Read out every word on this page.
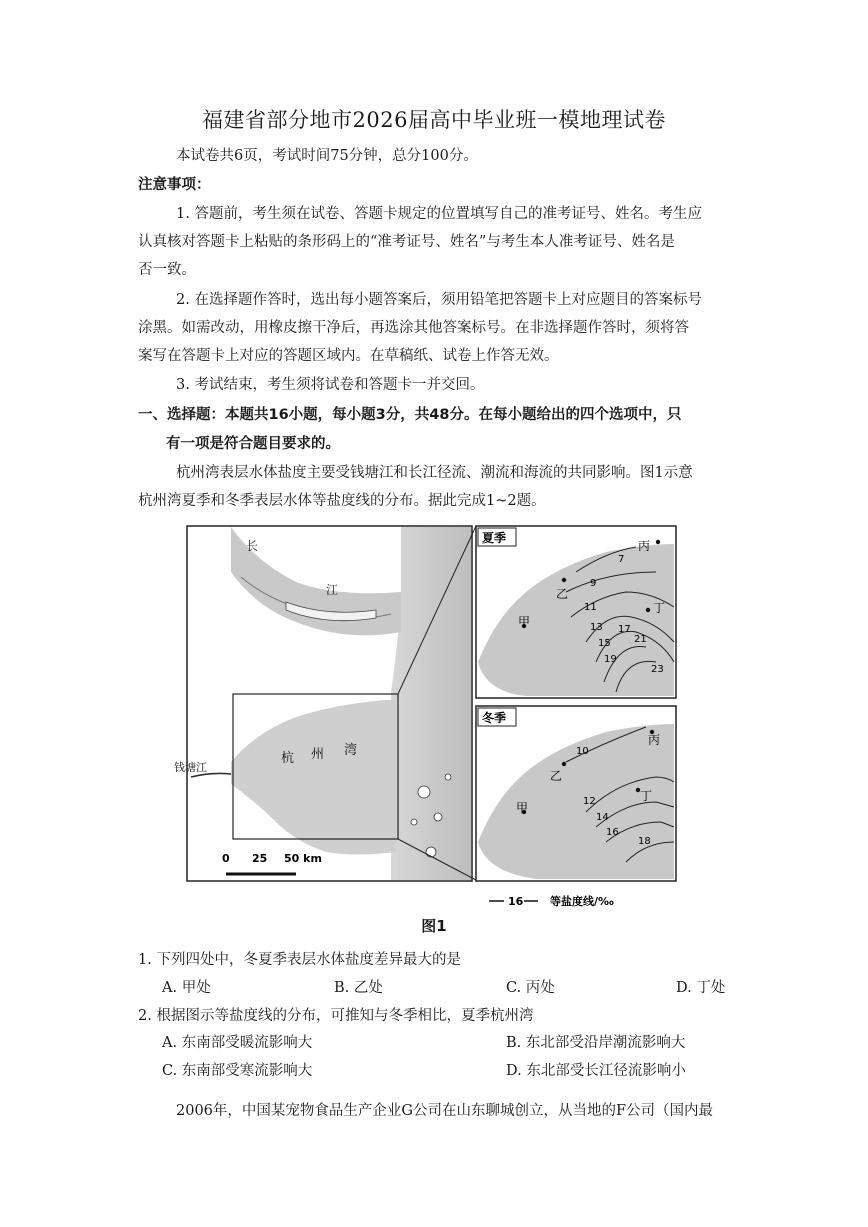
福建省部分地市2026届高中毕业班一模地理试卷
本试卷共6页，考试时间75分钟，总分100分。
注意事项：
1. 答题前，考生须在试卷、答题卡规定的位置填写自己的准考证号、姓名。考生应
认真核对答题卡上粘贴的条形码上的“准考证号、姓名”与考生本人准考证号、姓名是
否一致。
2. 在选择题作答时，选出每小题答案后，须用铅笔把答题卡上对应题目的答案标号
涂黑。如需改动，用橡皮擦干净后，再选涂其他答案标号。在非选择题作答时，须将答
案写在答题卡上对应的答题区域内。在草稿纸、试卷上作答无效。
3. 考试结束，考生须将试卷和答题卡一并交回。
一、选择题：本题共16小题，每小题3分，共48分。在每小题给出的四个选项中，只
有一项是符合题目要求的。
杭州湾表层水体盐度主要受钱塘江和长江径流、潮流和海流的共同影响。图1示意
杭州湾夏季和冬季表层水体等盐度线的分布。据此完成1~2题。
长
江
杭 州 湾
钱塘江
0 25 50 km
夏季
7
9
11
13
15
17
19
21
23
甲
乙
丙
丁
冬季
10
12
14
16
18
甲
乙
丙
丁
16 等盐度线/‰
图1
1. 下列四处中，冬夏季表层水体盐度差异最大的是
A. 甲处	B. 乙处	C. 丙处	D. 丁处
2. 根据图示等盐度线的分布，可推知与冬季相比，夏季杭州湾
A. 东南部受暖流影响大	B. 东北部受沿岸潮流影响大
C. 东南部受寒流影响大	D. 东北部受长江径流影响小
2006年，中国某宠物食品生产企业G公司在山东聊城创立，从当地的F公司（国内最
